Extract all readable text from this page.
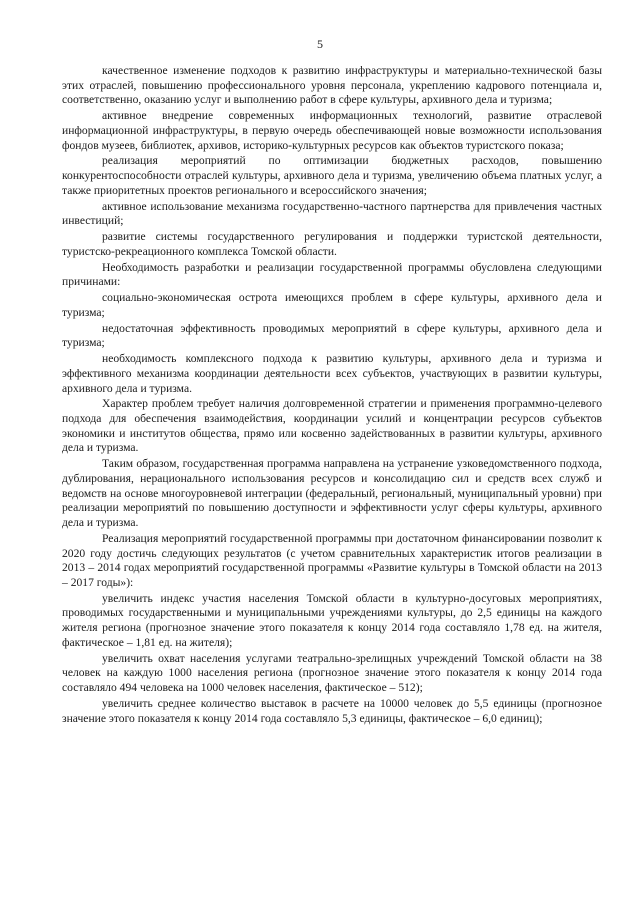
5

качественное изменение подходов к развитию инфраструктуры и материально-технической базы этих отраслей, повышению профессионального уровня персонала, укреплению кадрового потенциала и, соответственно, оказанию услуг и выполнению работ в сфере культуры, архивного дела и туризма;

активное внедрение современных информационных технологий, развитие отраслевой информационной инфраструктуры, в первую очередь обеспечивающей новые возможности использования фондов музеев, библиотек, архивов, историко-культурных ресурсов как объектов туристского показа;

реализация мероприятий по оптимизации бюджетных расходов, повышению конкурентоспособности отраслей культуры, архивного дела и туризма, увеличению объема платных услуг, а также приоритетных проектов регионального и всероссийского значения;

активное использование механизма государственно-частного партнерства для привлечения частных инвестиций;

развитие системы государственного регулирования и поддержки туристской деятельности, туристско-рекреационного комплекса Томской области.

Необходимость разработки и реализации государственной программы обусловлена следующими причинами:

социально-экономическая острота имеющихся проблем в сфере культуры, архивного дела и туризма;

недостаточная эффективность проводимых мероприятий в сфере культуры, архивного дела и туризма;

необходимость комплексного подхода к развитию культуры, архивного дела и туризма и эффективного механизма координации деятельности всех субъектов, участвующих в развитии культуры, архивного дела и туризма.

Характер проблем требует наличия долговременной стратегии и применения программно-целевого подхода для обеспечения взаимодействия, координации усилий и концентрации ресурсов субъектов экономики и институтов общества, прямо или косвенно задействованных в развитии культуры, архивного дела и туризма.

Таким образом, государственная программа направлена на устранение узковедомственного подхода, дублирования, нерационального использования ресурсов и консолидацию сил и средств всех служб и ведомств на основе многоуровневой интеграции (федеральный, региональный, муниципальный уровни) при реализации мероприятий по повышению доступности и эффективности услуг сферы культуры, архивного дела и туризма.

Реализация мероприятий государственной программы при достаточном финансировании позволит к 2020 году достичь следующих результатов (с учетом сравнительных характеристик итогов реализации в 2013 – 2014 годах мероприятий государственной программы «Развитие культуры в Томской области на 2013 – 2017 годы»):

увеличить индекс участия населения Томской области в культурно-досуговых мероприятиях, проводимых государственными и муниципальными учреждениями культуры, до 2,5 единицы на каждого жителя региона (прогнозное значение этого показателя к концу 2014 года составляло 1,78 ед. на жителя, фактическое – 1,81 ед. на жителя);

увеличить охват населения услугами театрально-зрелищных учреждений Томской области на 38 человек на каждую 1000 населения региона (прогнозное значение этого показателя к концу 2014 года составляло 494 человека на 1000 человек населения, фактическое – 512);

увеличить среднее количество выставок в расчете на 10000 человек до 5,5 единицы (прогнозное значение этого показателя к концу 2014 года составляло 5,3 единицы, фактическое – 6,0 единиц);
